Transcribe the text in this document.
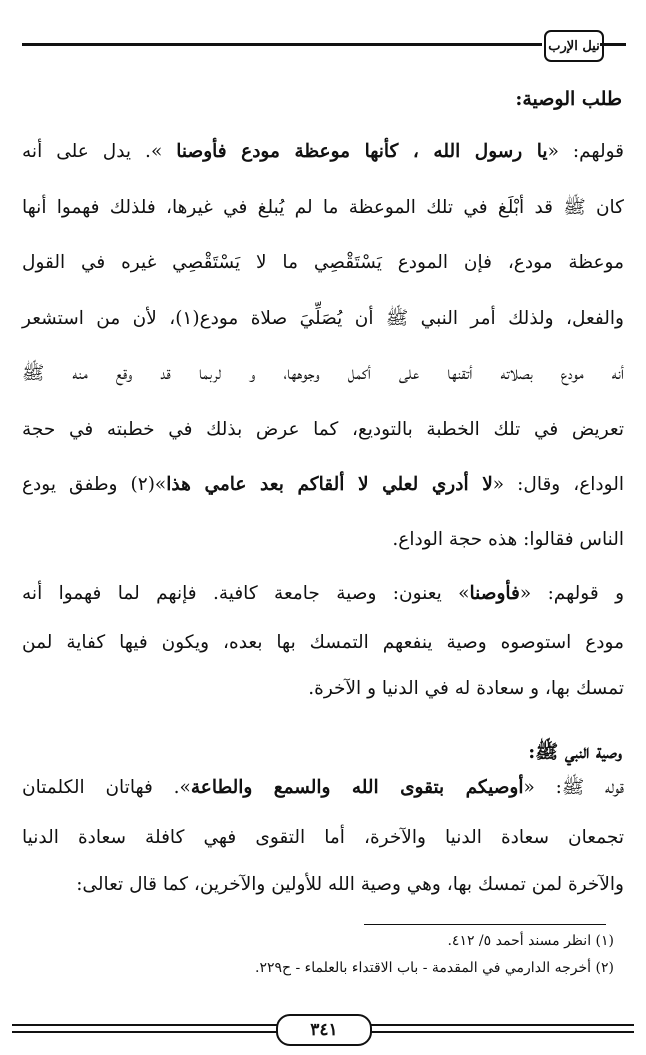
نيل الإرب
طلب الوصية:
قولهم: «يا رسول الله ، كأنها موعظة مودع فأوصنا ». يدل على أنه
كان ﷺ قد أبْلَغ في تلك الموعظة ما لم يُبلغ في غيرها، فلذلك فهموا أنها
موعظة مودع، فإن المودع يَسْتَقْصِي ما لا يَسْتَقْصِي غيره في القول
والفعل، ولذلك أمر النبي ﷺ أن يُصَلِّيَ صلاة مودع(١)، لأن من استشعر
أنه مودع بصلاته أتقنها على أكمل وجوهها، و لربما قد وقع منه ﷺ
تعريض في تلك الخطبة بالتوديع، كما عرض بذلك في خطبته في حجة
الوداع، وقال: «لا أدري لعلي لا ألقاكم بعد عامي هذا»(٢) وطفق يودع
الناس فقالوا: هذه حجة الوداع.
و قولهم: «فأوصنا» يعنون: وصية جامعة كافية. فإنهم لما فهموا أنه
مودع استوصوه وصية ينفعهم التمسك بها بعده، ويكون فيها كفاية لمن
تمسك بها، و سعادة له في الدنيا و الآخرة.
وصية النبي ﷺ:
قوله ﷺ: «أوصيكم بتقوى الله والسمع والطاعة». فهاتان الكلمتان
تجمعان سعادة الدنيا والآخرة، أما التقوى فهي كافلة سعادة الدنيا
والآخرة لمن تمسك بها، وهي وصية الله للأولين والآخرين، كما قال تعالى:
(١) انظر مسند أحمد ٥/ ٤١٢.
(٢) أخرجه الدارمي في المقدمة - باب الاقتداء بالعلماء - ح٢٢٩.
٣٤١
